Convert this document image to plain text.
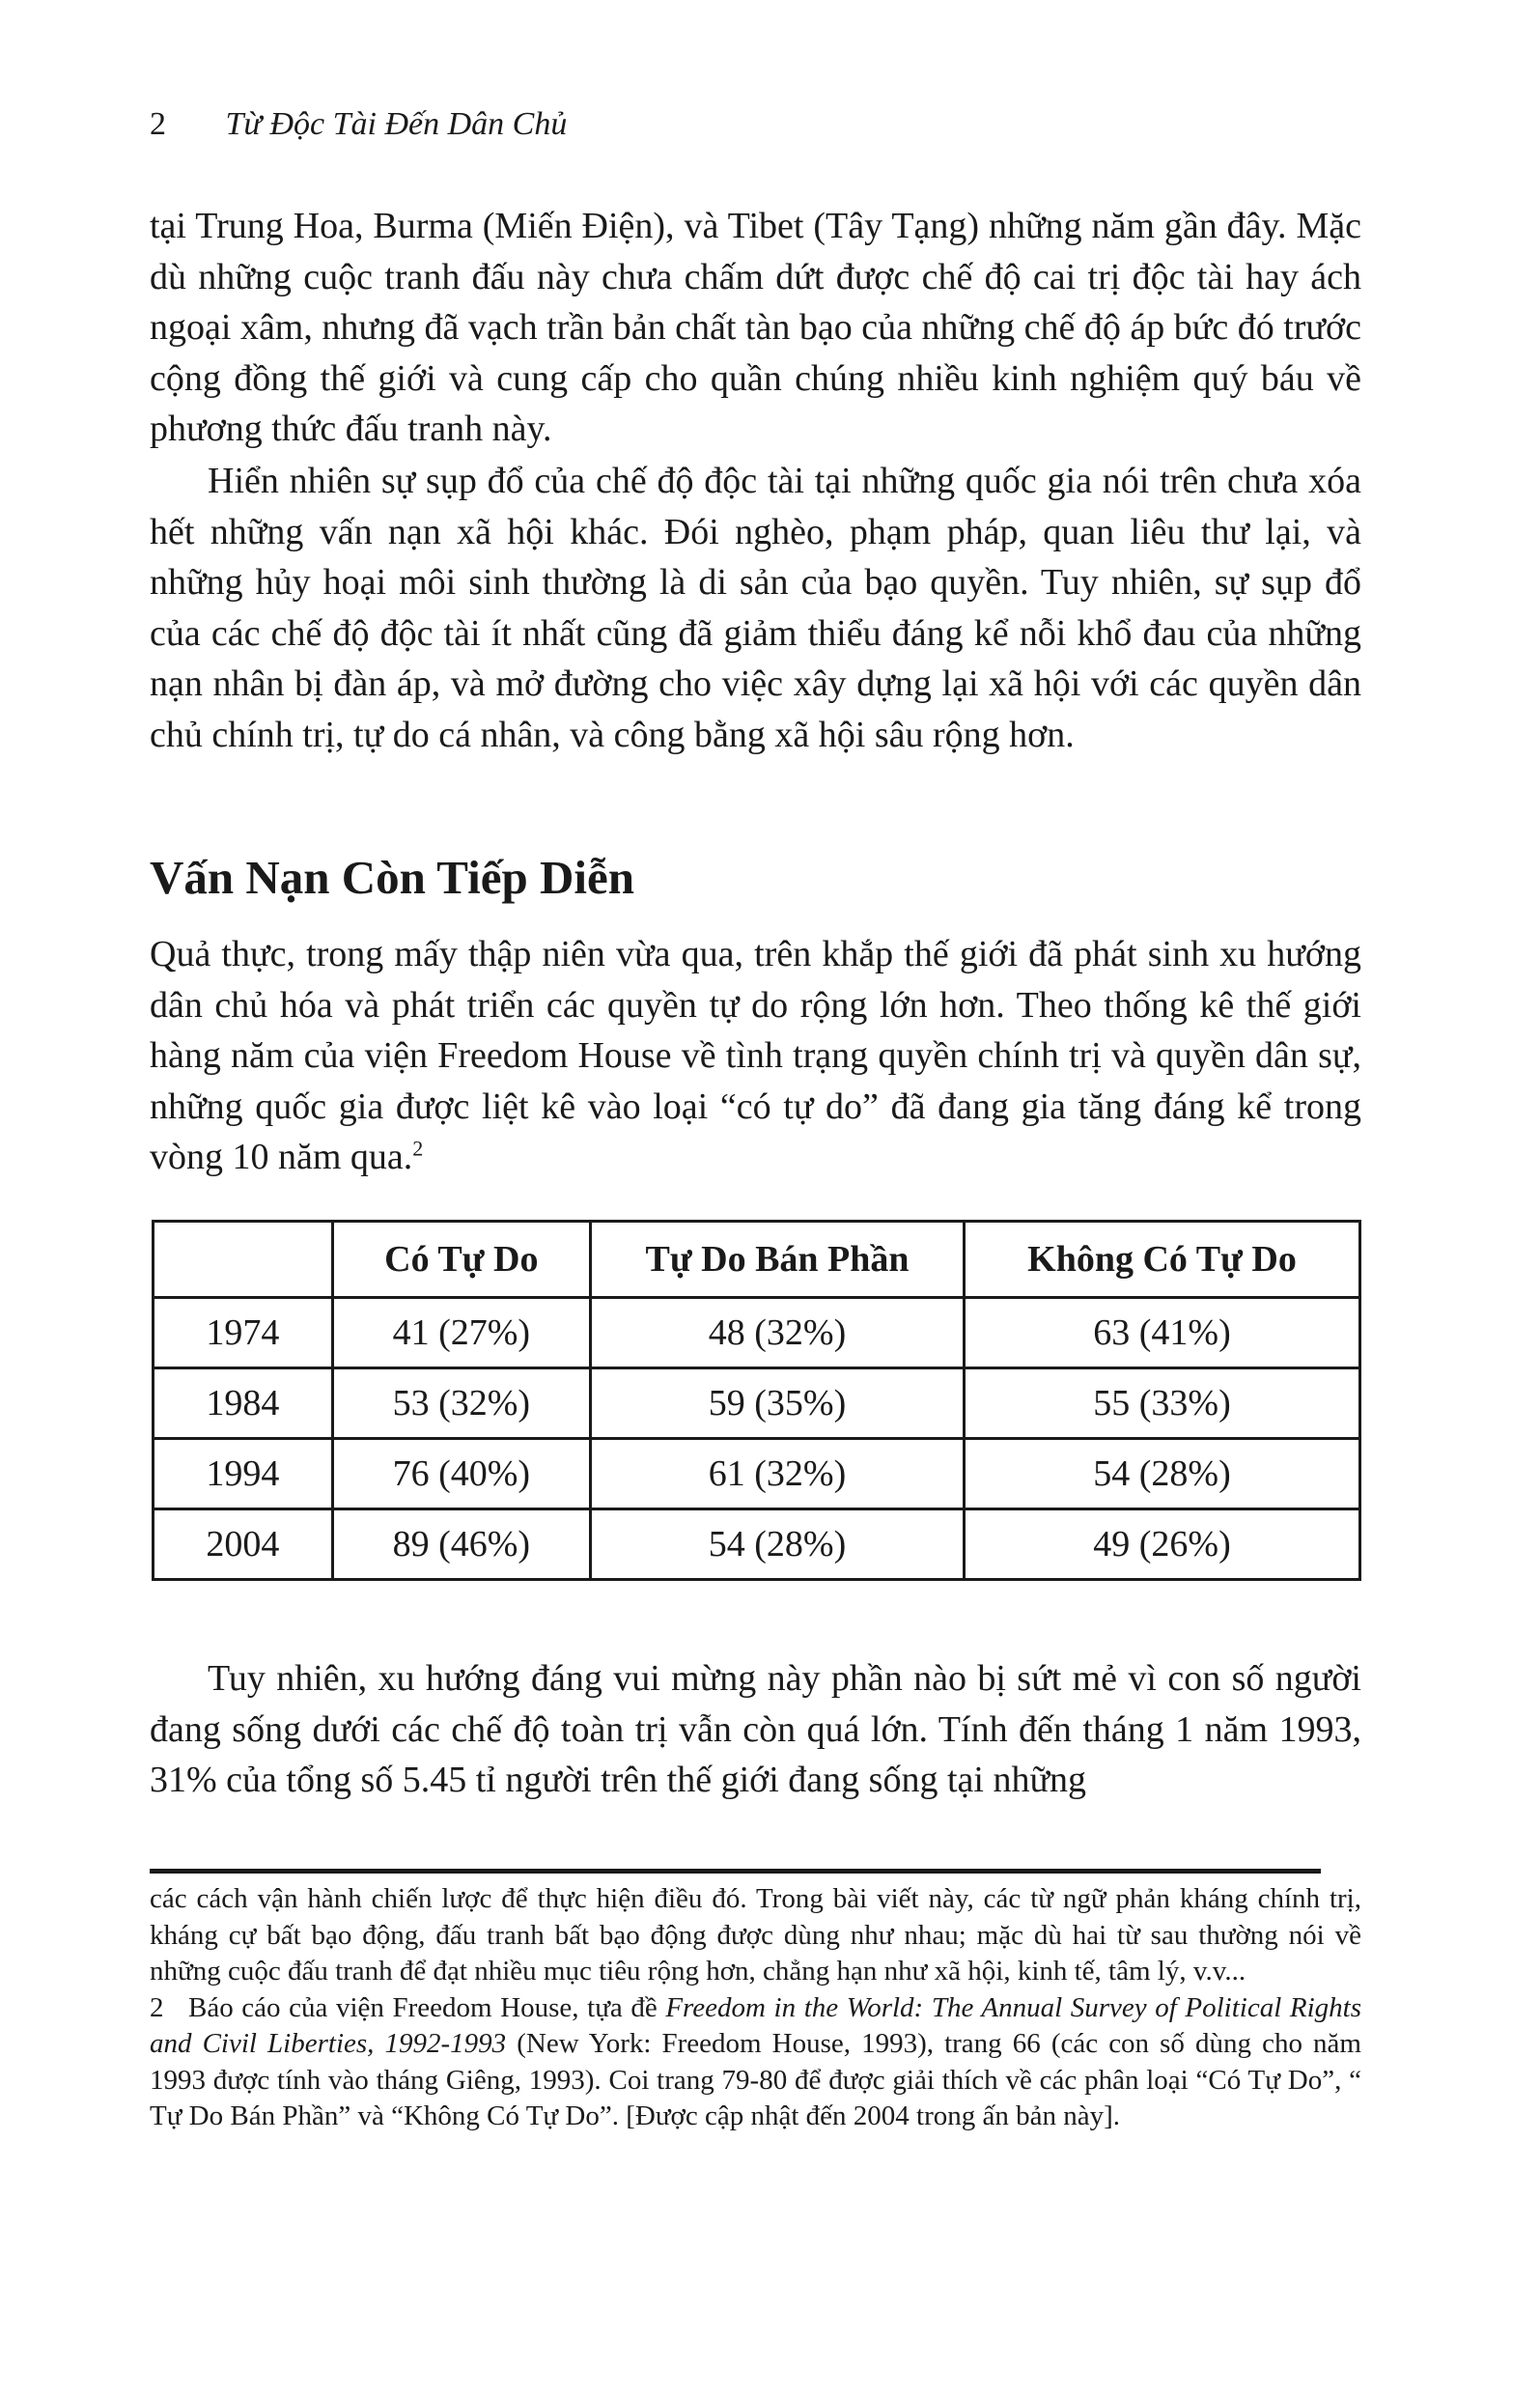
2 Từ Độc Tài Đến Dân Chủ

tại Trung Hoa, Burma (Miến Điện), và Tibet (Tây Tạng) những năm gần đây. Mặc dù những cuộc tranh đấu này chưa chấm dứt được chế độ cai trị độc tài hay ách ngoại xâm, nhưng đã vạch trần bản chất tàn bạo của những chế độ áp bức đó trước cộng đồng thế giới và cung cấp cho quần chúng nhiều kinh nghiệm quý báu về phương thức đấu tranh này.

Hiển nhiên sự sụp đổ của chế độ độc tài tại những quốc gia nói trên chưa xóa hết những vấn nạn xã hội khác. Đói nghèo, phạm pháp, quan liêu thư lại, và những hủy hoại môi sinh thường là di sản của bạo quyền. Tuy nhiên, sự sụp đổ của các chế độ độc tài ít nhất cũng đã giảm thiểu đáng kể nỗi khổ đau của những nạn nhân bị đàn áp, và mở đường cho việc xây dựng lại xã hội với các quyền dân chủ chính trị, tự do cá nhân, và công bằng xã hội sâu rộng hơn.

Vấn Nạn Còn Tiếp Diễn

Quả thực, trong mấy thập niên vừa qua, trên khắp thế giới đã phát sinh xu hướng dân chủ hóa và phát triển các quyền tự do rộng lớn hơn. Theo thống kê thế giới hàng năm của viện Freedom House về tình trạng quyền chính trị và quyền dân sự, những quốc gia được liệt kê vào loại “có tự do” đã đang gia tăng đáng kể trong vòng 10 năm qua.$^2$

	Có Tự Do	Tự Do Bán Phần	Không Có Tự Do
1974	41 (27%)	48 (32%)	63 (41%)
1984	53 (32%)	59 (35%)	55 (33%)
1994	76 (40%)	61 (32%)	54 (28%)
2004	89 (46%)	54 (28%)	49 (26%)

Tuy nhiên, xu hướng đáng vui mừng này phần nào bị sứt mẻ vì con số người đang sống dưới các chế độ toàn trị vẫn còn quá lớn. Tính đến tháng 1 năm 1993, 31% của tổng số 5.45 tỉ người trên thế giới đang sống tại những

các cách vận hành chiến lược để thực hiện điều đó. Trong bài viết này, các từ ngữ phản kháng chính trị, kháng cự bất bạo động, đấu tranh bất bạo động được dùng như nhau; mặc dù hai từ sau thường nói về những cuộc đấu tranh để đạt nhiều mục tiêu rộng hơn, chẳng hạn như xã hội, kinh tế, tâm lý, v.v...

2 Báo cáo của viện Freedom House, tựa đề Freedom in the World: The Annual Survey of Political Rights and Civil Liberties, 1992-1993 (New York: Freedom House, 1993), trang 66 (các con số dùng cho năm 1993 được tính vào tháng Giêng, 1993). Coi trang 79-80 để được giải thích về các phân loại “Có Tự Do”, “ Tự Do Bán Phần” và “Không Có Tự Do”. [Được cập nhật đến 2004 trong ấn bản này].
